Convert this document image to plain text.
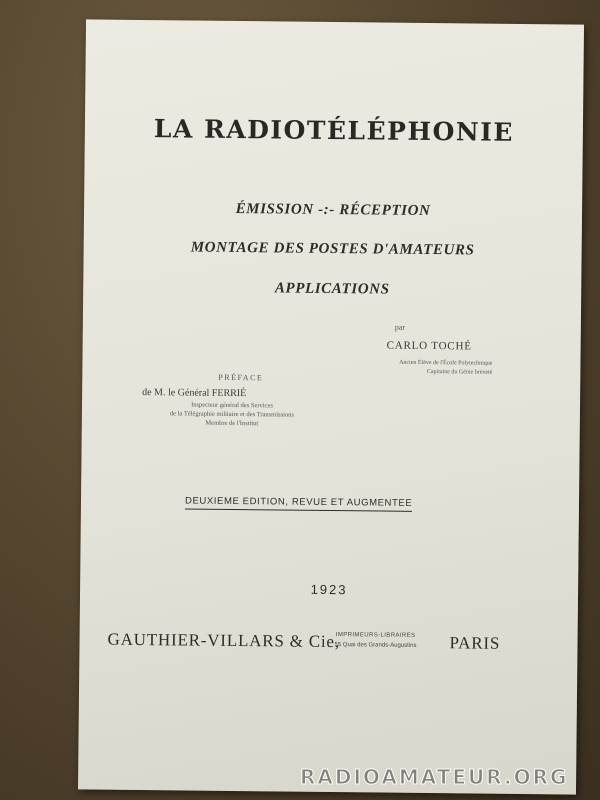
LA RADIOTÉLÉPHONIE
ÉMISSION -:- RÉCEPTION
MONTAGE DES POSTES D'AMATEURS
APPLICATIONS
par
CARLO TOCHÉ
Ancien Élève de l'École Polytechnique
Capitaine du Génie breveté
PRÉFACE
de M. le Général FERRIÉ
Inspecteur général des Services
de la Télégraphie militaire et des Transmissions
Membre de l'Institut
DEUXIEME EDITION, REVUE ET AUGMENTEE
1923
GAUTHIER-VILLARS & Cie,
IMPRIMEURS-LIBRAIRES
55 Quai des Grands-Augustins	PARIS
RADIOAMATEUR.ORG
